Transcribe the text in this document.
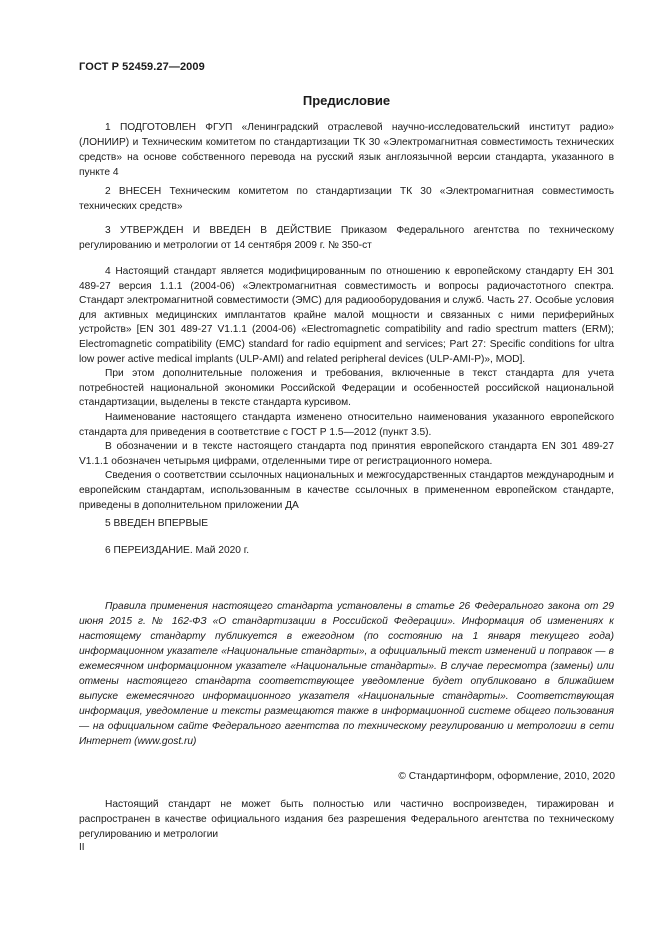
ГОСТ Р 52459.27—2009
Предисловие
1 ПОДГОТОВЛЕН ФГУП «Ленинградский отраслевой научно-исследовательский институт радио» (ЛОНИИР) и Техническим комитетом по стандартизации ТК 30 «Электромагнитная совместимость технических средств» на основе собственного перевода на русский язык англоязычной версии стандарта, указанного в пункте 4
2 ВНЕСЕН Техническим комитетом по стандартизации ТК 30 «Электромагнитная совместимость технических средств»
3 УТВЕРЖДЕН И ВВЕДЕН В ДЕЙСТВИЕ Приказом Федерального агентства по техническому регулированию и метрологии от 14 сентября 2009 г. № 350-ст
4 Настоящий стандарт является модифицированным по отношению к европейскому стандарту ЕН 301 489-27 версия 1.1.1 (2004-06) «Электромагнитная совместимость и вопросы радиочастотного спектра. Стандарт электромагнитной совместимости (ЭМС) для радиооборудования и служб. Часть 27. Особые условия для активных медицинских имплантатов крайне малой мощности и связанных с ними периферийных устройств» [EN 301 489-27 V1.1.1 (2004-06) «Electromagnetic compatibility and radio spectrum matters (ERM); Electromagnetic compatibility (EMC) standard for radio equipment and services; Part 27: Specific conditions for ultra low power active medical implants (ULP-AMI) and related peripheral devices (ULP-AMI-P)», MOD].
При этом дополнительные положения и требования, включенные в текст стандарта для учета потребностей национальной экономики Российской Федерации и особенностей российской национальной стандартизации, выделены в тексте стандарта курсивом.
Наименование настоящего стандарта изменено относительно наименования указанного европейского стандарта для приведения в соответствие с ГОСТ Р 1.5—2012 (пункт 3.5).
В обозначении и в тексте настоящего стандарта под принятия европейского стандарта EN 301 489-27 V1.1.1 обозначен четырьмя цифрами, отделенными тире от регистрационного номера.
Сведения о соответствии ссылочных национальных и межгосударственных стандартов международным и европейским стандартам, использованным в качестве ссылочных в примененном европейском стандарте, приведены в дополнительном приложении ДА
5 ВВЕДЕН ВПЕРВЫЕ
6 ПЕРЕИЗДАНИЕ. Май 2020 г.
Правила применения настоящего стандарта установлены в статье 26 Федерального закона от 29 июня 2015 г. № 162-ФЗ «О стандартизации в Российской Федерации». Информация об изменениях к настоящему стандарту публикуется в ежегодном (по состоянию на 1 января текущего года) информационном указателе «Национальные стандарты», а официальный текст изменений и поправок — в ежемесячном информационном указателе «Национальные стандарты». В случае пересмотра (замены) или отмены настоящего стандарта соответствующее уведомление будет опубликовано в ближайшем выпуске ежемесячного информационного указателя «Национальные стандарты». Соответствующая информация, уведомление и тексты размещаются также в информационной системе общего пользования — на официальном сайте Федерального агентства по техническому регулированию и метрологии в сети Интернет (www.gost.ru)
© Стандартинформ, оформление, 2010, 2020
Настоящий стандарт не может быть полностью или частично воспроизведен, тиражирован и распространен в качестве официального издания без разрешения Федерального агентства по техническому регулированию и метрологии
II
